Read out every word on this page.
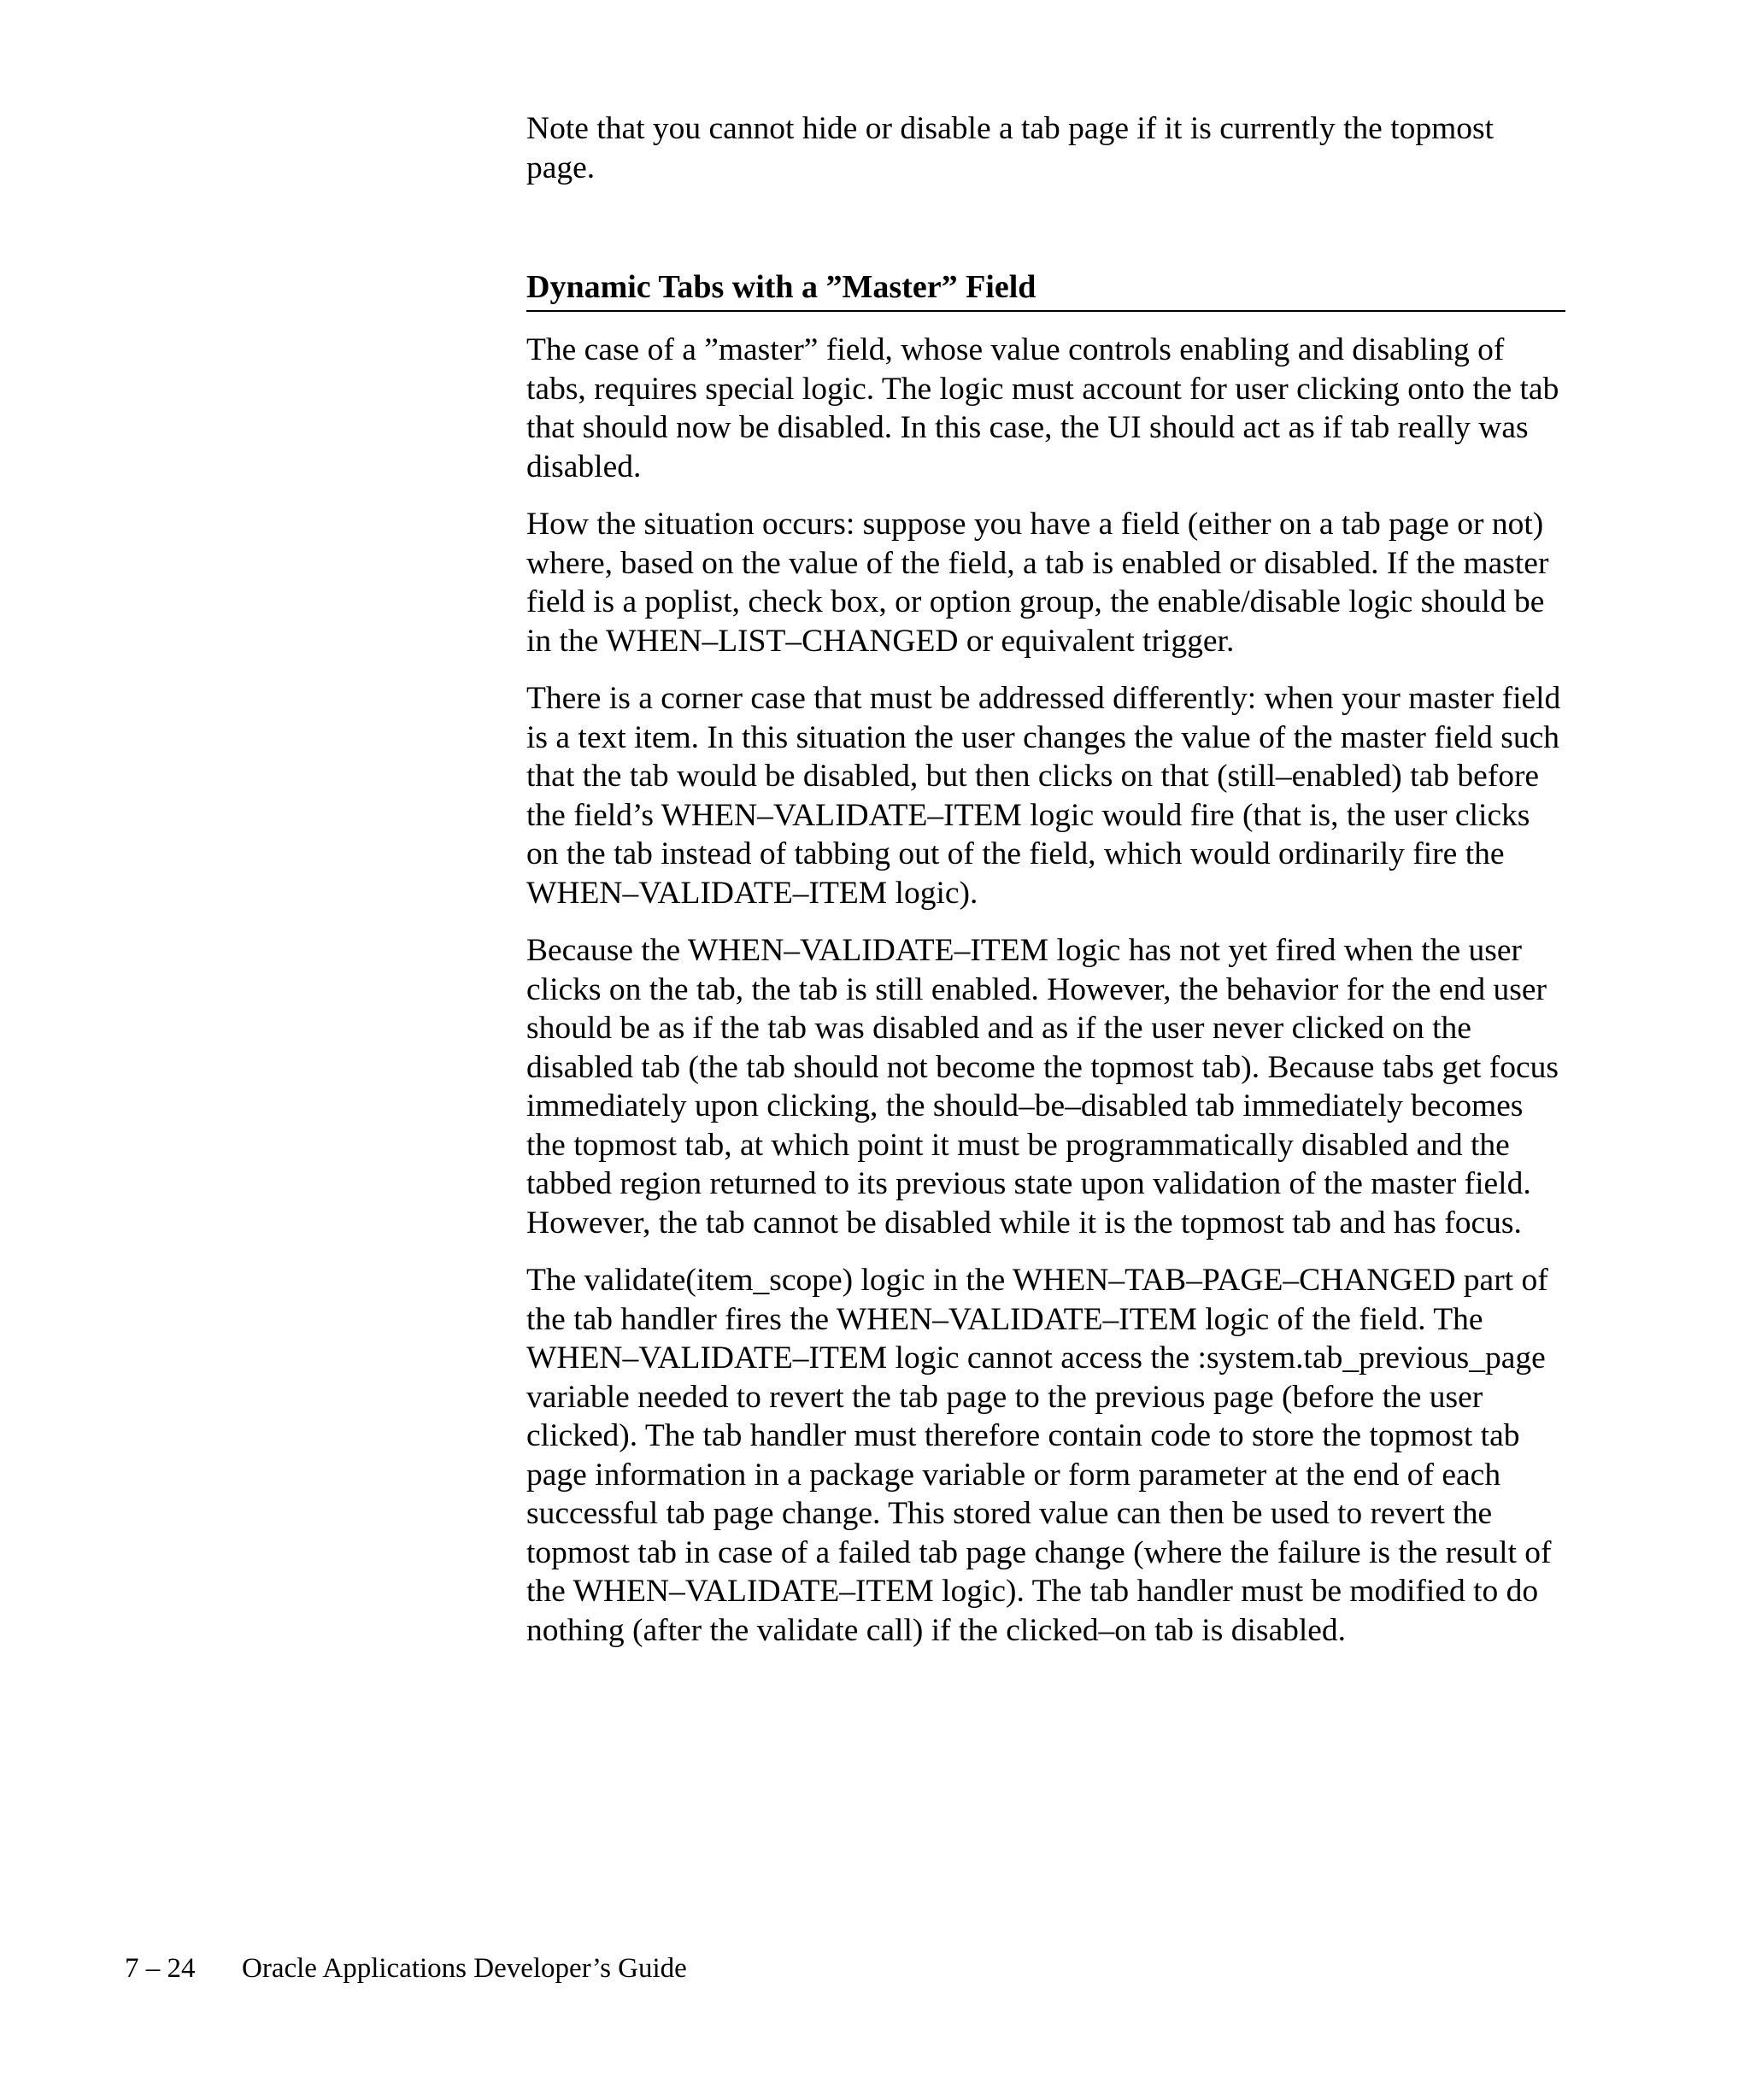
Note that you cannot hide or disable a tab page if it is currently the topmost page.

Dynamic Tabs with a ”Master” Field

The case of a ”master” field, whose value controls enabling and disabling of tabs, requires special logic. The logic must account for user clicking onto the tab that should now be disabled. In this case, the UI should act as if tab really was disabled.

How the situation occurs: suppose you have a field (either on a tab page or not) where, based on the value of the field, a tab is enabled or disabled. If the master field is a poplist, check box, or option group, the enable/disable logic should be in the WHEN–LIST–CHANGED or equivalent trigger.

There is a corner case that must be addressed differently: when your master field is a text item. In this situation the user changes the value of the master field such that the tab would be disabled, but then clicks on that (still–enabled) tab before the field’s WHEN–VALIDATE–ITEM logic would fire (that is, the user clicks on the tab instead of tabbing out of the field, which would ordinarily fire the WHEN–VALIDATE–ITEM logic).

Because the WHEN–VALIDATE–ITEM logic has not yet fired when the user clicks on the tab, the tab is still enabled. However, the behavior for the end user should be as if the tab was disabled and as if the user never clicked on the disabled tab (the tab should not become the topmost tab). Because tabs get focus immediately upon clicking, the should–be–disabled tab immediately becomes the topmost tab, at which point it must be programmatically disabled and the tabbed region returned to its previous state upon validation of the master field. However, the tab cannot be disabled while it is the topmost tab and has focus.

The validate(item_scope) logic in the WHEN–TAB–PAGE–CHANGED part of the tab handler fires the WHEN–VALIDATE–ITEM logic of the field. The WHEN–VALIDATE–ITEM logic cannot access the :system.tab_previous_page variable needed to revert the tab page to the previous page (before the user clicked). The tab handler must therefore contain code to store the topmost tab page information in a package variable or form parameter at the end of each successful tab page change. This stored value can then be used to revert the topmost tab in case of a failed tab page change (where the failure is the result of the WHEN–VALIDATE–ITEM logic). The tab handler must be modified to do nothing (after the validate call) if the clicked–on tab is disabled.

7 – 24 Oracle Applications Developer’s Guide
